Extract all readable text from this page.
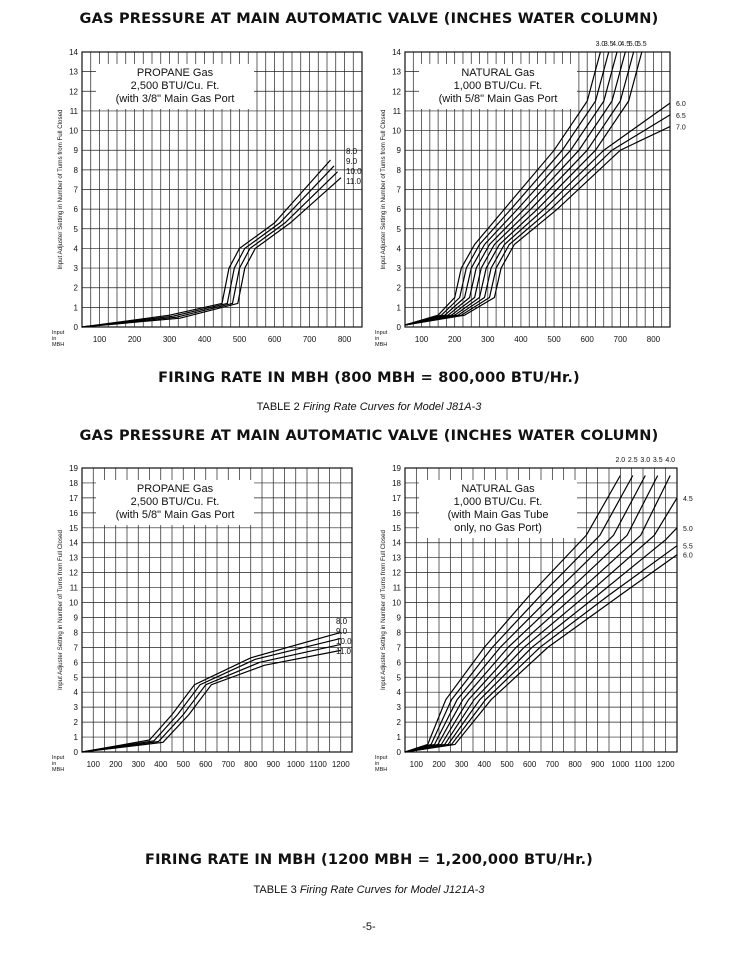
GAS PRESSURE AT MAIN AUTOMATIC VALVE (INCHES WATER COLUMN)
FIRING RATE IN MBH (800 MBH = 800,000 BTU/Hr.)
TABLE 2 Firing Rate Curves for Model J81A-3
GAS PRESSURE AT MAIN AUTOMATIC VALVE (INCHES WATER COLUMN)
FIRING RATE IN MBH (1200 MBH = 1,200,000 BTU/Hr.)
TABLE 3 Firing Rate Curves for Model J121A-3
-5-
0
1
2
3
4
5
6
7
8
9
10
11
12
13
14
100	200	300	400	500	600	700	800
Input Adjuster Setting in Number of Turns from Full Closed
Input
in
MBH
PROPANE Gas
2,500 BTU/Cu. Ft.
(with 3/8" Main Gas Port
8.0
9.0
10.0
11.0
0
1
2
3
4
5
6
7
8
9
10
11
12
13
14
100 200 300 400 500 600 700 800
Input Adjuster Setting in Number of Turns from Full Closed
Input
in
MBH
NATURAL Gas
1,000 BTU/Cu. Ft.
(with 5/8" Main Gas Port
3.0
3.5
4.0
4.5
5.0
5.5
6.0
6.5
7.0
0
1
2
3
4
5
6
7
8
9
10
11
12
13
14
15
16
17
18
19
100 200 300 400 500 600 700 800 900 1000 1100 1200
Input Adjuster Setting in Number of Turns from Full Closed
Input
in
MBH
PROPANE Gas
2,500 BTU/Cu. Ft.
(with 5/8" Main Gas Port
8.0
9.0
10.0
11.0
0
1
2
3
4
5
6
7
8
9
10
11
12
13
14
15
16
17
18
19
100 200 300 400 500 600 700 800 900 1000 1100 1200
Input Adjuster Setting in Number of Turns from Full Closed
Input
in
MBH
NATURAL Gas
1,000 BTU/Cu. Ft.
(with Main Gas Tube
only, no Gas Port)
2.0 2.5 3.0 3.5 4.0
4.5
5.0
5.5
6.0
